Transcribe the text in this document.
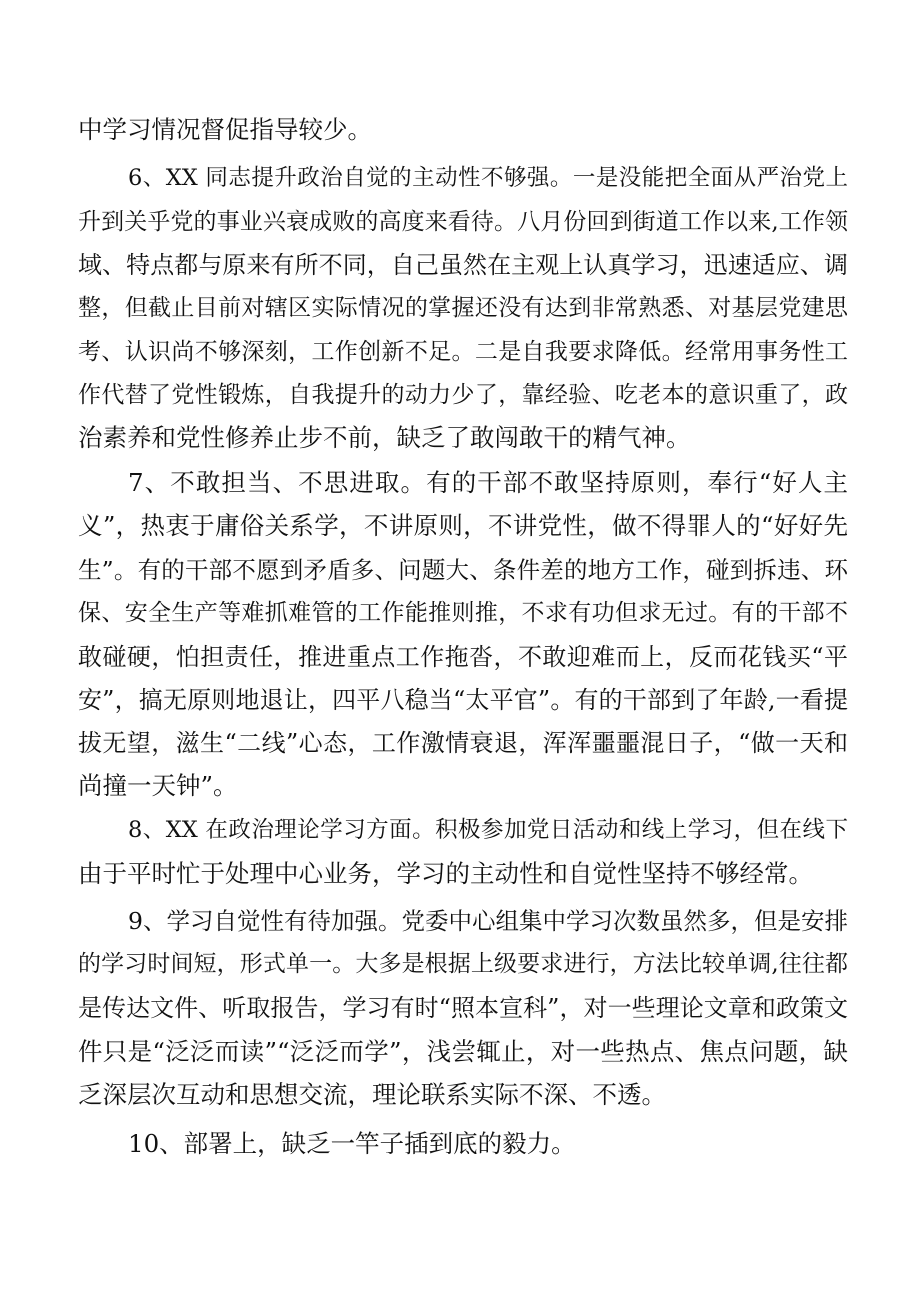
中学习情况督促指导较少。
6、XX 同志提升政治自觉的主动性不够强。一是没能把全面从严治党上
升到关乎党的事业兴衰成败的高度来看待。八月份回到街道工作以来,工作领
域、特点都与原来有所不同，自己虽然在主观上认真学习，迅速适应、调
整，但截止目前对辖区实际情况的掌握还没有达到非常熟悉、对基层党建思
考、认识尚不够深刻，工作创新不足。二是自我要求降低。经常用事务性工
作代替了党性锻炼，自我提升的动力少了，靠经验、吃老本的意识重了，政
治素养和党性修养止步不前，缺乏了敢闯敢干的精气神。
7、不敢担当、不思进取。有的干部不敢坚持原则，奉行“好人主
义”，热衷于庸俗关系学，不讲原则，不讲党性，做不得罪人的“好好先
生”。有的干部不愿到矛盾多、问题大、条件差的地方工作，碰到拆违、环
保、安全生产等难抓难管的工作能推则推，不求有功但求无过。有的干部不
敢碰硬，怕担责任，推进重点工作拖沓，不敢迎难而上，反而花钱买“平
安”，搞无原则地退让，四平八稳当“太平官”。有的干部到了年龄,一看提
拔无望，滋生“二线”心态，工作激情衰退，浑浑噩噩混日子，“做一天和
尚撞一天钟”。
8、XX 在政治理论学习方面。积极参加党日活动和线上学习，但在线下
由于平时忙于处理中心业务，学习的主动性和自觉性坚持不够经常。
9、学习自觉性有待加强。党委中心组集中学习次数虽然多，但是安排
的学习时间短，形式单一。大多是根据上级要求进行，方法比较单调,往往都
是传达文件、听取报告，学习有时“照本宣科”，对一些理论文章和政策文
件只是“泛泛而读”“泛泛而学”，浅尝辄止，对一些热点、焦点问题，缺
乏深层次互动和思想交流，理论联系实际不深、不透。
10、部署上，缺乏一竿子插到底的毅力。
